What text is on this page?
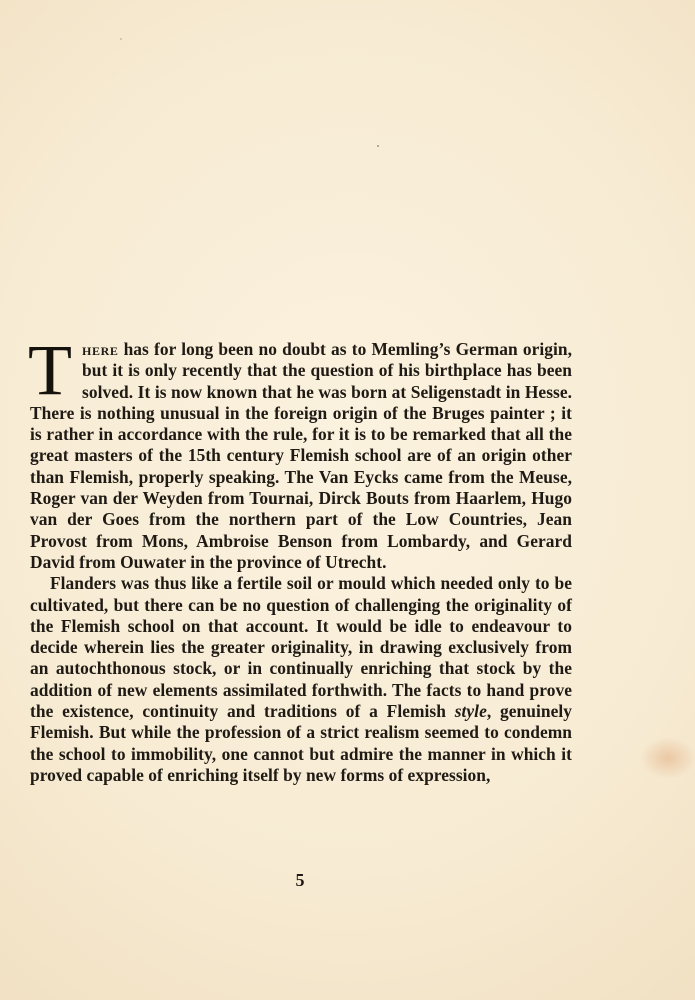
There has for long been no doubt as to Memling’s German origin, but it is only recently that the question of his birthplace has been solved. It is now known that he was born at Seligenstadt in Hesse. There is nothing unusual in the foreign origin of the Bruges painter ; it is rather in accordance with the rule, for it is to be remarked that all the great masters of the 15th century Flemish school are of an origin other than Flemish, properly speaking. The Van Eycks came from the Meuse, Roger van der Weyden from Tournai, Dirck Bouts from Haarlem, Hugo van der Goes from the northern part of the Low Countries, Jean Provost from Mons, Ambroise Benson from Lombardy, and Gerard David from Ouwater in the province of Utrecht.

Flanders was thus like a fertile soil or mould which needed only to be cultivated, but there can be no question of challenging the originality of the Flemish school on that account. It would be idle to endeavour to decide wherein lies the greater originality, in drawing exclusively from an autochthonous stock, or in continually enriching that stock by the addition of new elements assimilated forthwith. The facts to hand prove the existence, continuity and traditions of a Flemish style, genuinely Flemish. But while the profession of a strict realism seemed to condemn the school to immobility, one cannot but admire the manner in which it proved capable of enriching itself by new forms of expression,

5
